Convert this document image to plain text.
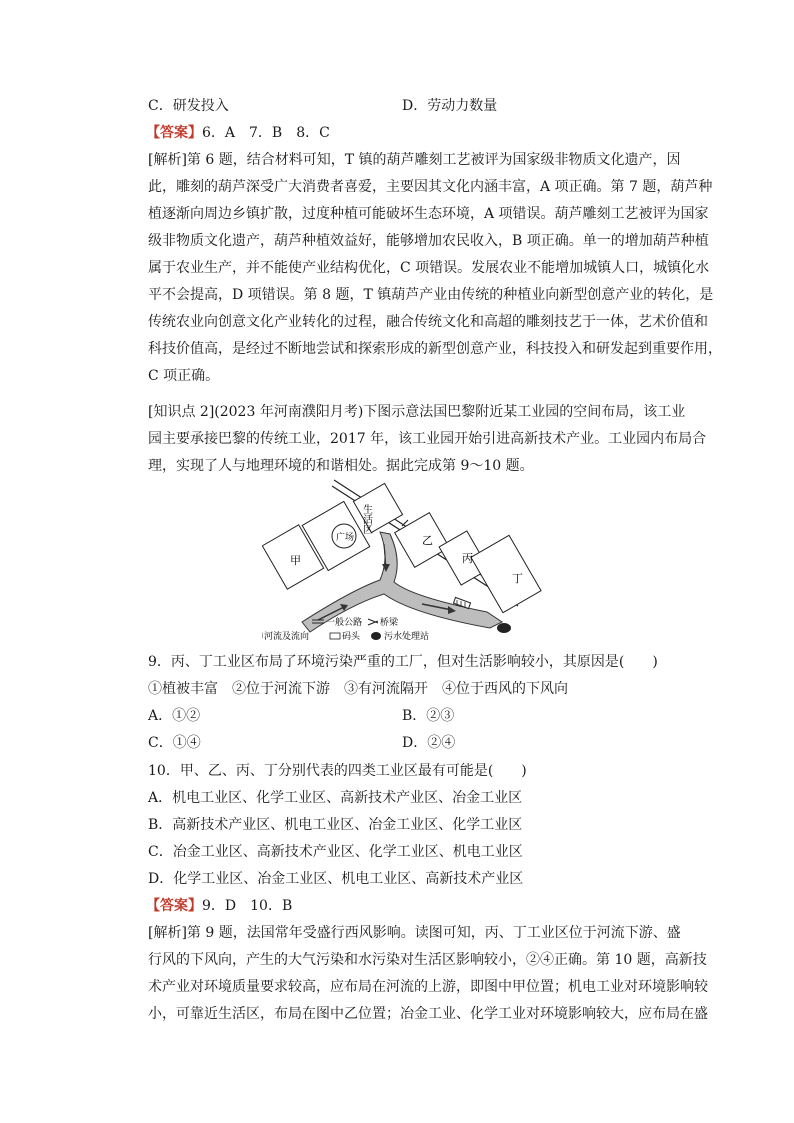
C．研发投入	D．劳动力数量
【答案】6．A　7．B　8．C
[解析]第 6 题，结合材料可知，T 镇的葫芦雕刻工艺被评为国家级非物质文化遗产，因
此，雕刻的葫芦深受广大消费者喜爱，主要因其文化内涵丰富，A 项正确。第 7 题，葫芦种
植逐渐向周边乡镇扩散，过度种植可能破坏生态环境，A 项错误。葫芦雕刻工艺被评为国家
级非物质文化遗产，葫芦种植效益好，能够增加农民收入，B 项正确。单一的增加葫芦种植
属于农业生产，并不能使产业结构优化，C 项错误。发展农业不能增加城镇人口，城镇化水
平不会提高，D 项错误。第 8 题，T 镇葫芦产业由传统的种植业向新型创意产业的转化，是
传统农业向创意文化产业转化的过程，融合传统文化和高超的雕刻技艺于一体，艺术价值和
科技价值高，是经过不断地尝试和探索形成的新型创意产业，科技投入和研发起到重要作用，
C 项正确。
[知识点 2](2023 年河南濮阳月考)下图示意法国巴黎附近某工业园的空间布局，该工业
园主要承接巴黎的传统工业，2017 年，该工业园开始引进高新技术产业。工业园内布局合
理，实现了人与地理环境的和谐相处。据此完成第 9～10 题。
生活区
广场
甲
乙
丙
丁
一般公路 桥梁
河流及流向	码头	污水处理站
9．丙、丁工业区布局了环境污染严重的工厂，但对生活影响较小，其原因是(　　)
①植被丰富　②位于河流下游　③有河流隔开　④位于西风的下风向
A．①②	B．②③
C．①④	D．②④
10．甲、乙、丙、丁分别代表的四类工业区最有可能是(　　)
A．机电工业区、化学工业区、高新技术产业区、冶金工业区
B．高新技术产业区、机电工业区、冶金工业区、化学工业区
C．冶金工业区、高新技术产业区、化学工业区、机电工业区
D．化学工业区、冶金工业区、机电工业区、高新技术产业区
【答案】9．D　10．B
[解析]第 9 题，法国常年受盛行西风影响。读图可知，丙、丁工业区位于河流下游、盛
行风的下风向，产生的大气污染和水污染对生活区影响较小，②④正确。第 10 题，高新技
术产业对环境质量要求较高，应布局在河流的上游，即图中甲位置；机电工业对环境影响较
小，可靠近生活区，布局在图中乙位置；冶金工业、化学工业对环境影响较大，应布局在盛
